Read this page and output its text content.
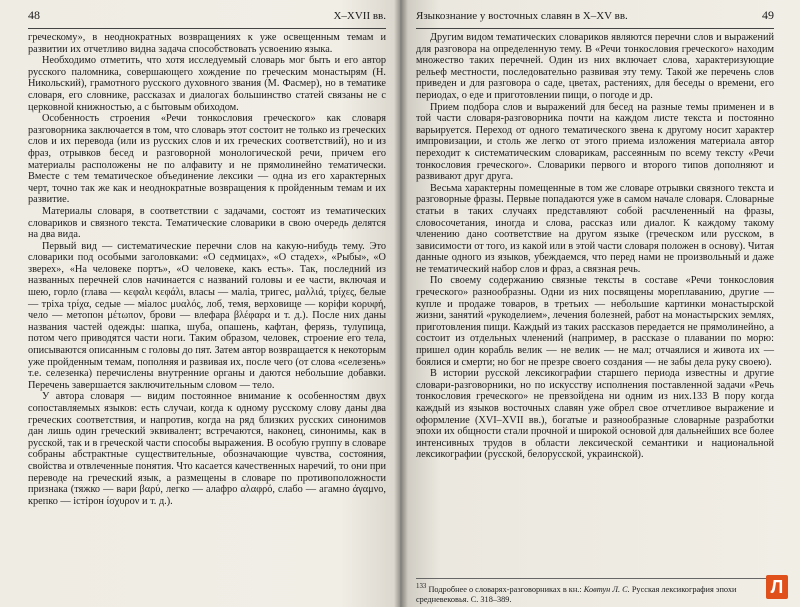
48	X–XVII вв.

греческому», в неоднократных возвращениях к уже освещенным темам и развитии их отчетливо видна задача способствовать усвоению языка.

Необходимо отметить, что хотя исследуемый словарь мог быть и его автор русского паломника, совершающего хождение по греческим монастырям (Н. Никольский), грамотного русского духовного звания (М. Фасмер), но в тематике словаря, его словнике, рассказах и диалогах большинство статей связаны не с церковной книжностью, а с бытовым обиходом.

Особенность строения «Речи тонкословия греческого» как словаря разговорника заключается в том, что словарь этот состоит не только из греческих слов и их перевода (или из русских слов и их греческих соответствий), но и из фраз, отрывков бесед и разговорной монологической речи, причем его материалы расположены не по алфавиту и не прямолинейно тематически. Вместе с тем тематическое объединение лексики — одна из его характерных черт, точно так же как и неоднократные возвращения к пройденным темам и их развитие.

Материалы словаря, в соответствии с задачами, состоят из тематических словариков и связного текста. Тематические словарики в свою очередь делятся на два вида.

Первый вид — систематические перечни слов на какую-нибудь тему. Это словарики под особыми заголовками: «О седмицах», «О стадех», «Рыбы», «О зверех», «На человеке портъ», «О человеке, какъ есть». Так, последний из названных перечней слов начинается с названий головы и ее части, включая и шею, горло (глава — κεφαλι κεφάλι, власы — малiа, тригес, μαλλιά, τρίχες, белые — трiха τρίχα, седые — мiалос μυαλός, лоб, темя, верховище — корiфи κορυφή, чело — метопон μέτωπον, брови — влефара βλέφαρα и т. д.). После них даны названия частей одежды: шапка, шуба, опашень, кафтан, ферязь, тулупица, потом чего приводятся части ноги. Таким образом, человек, строение его тела, описываются описанным с головы до пят. Затем автор возвращается к некоторым уже пройденным темам, пополняя и развивая их, после чего (от слова «селезень» т.е. селезенка) перечислены внутренние органы и даются небольшие добавки. Перечень завершается заключительным словом — тело.

У автора словаря — видим постоянное внимание к особенностям двух сопоставляемых языков: есть случаи, когда к одному русскому слову даны два греческих соответствия, и напротив, когда на ряд близких русских синонимов дан лишь один греческий эквивалент; встречаются, наконец, синонимы, как в русской, так и в греческой части способы выражения. В особую группу в словаре собраны абстрактные существительные, обозначающие чувства, состояния, свойства и отвлеченные понятия. Что касается качественных наречий, то они при переводе на греческий язык, а размещены в словаре по противоположности признака (тяжко — вари βαρύ, легко — алафро αλαφρό, слабо — агамно άγαμνο, крепко — iстiрон ίσχυρον и т. д.).

Языкознание у восточных славян в X–XV вв.	49

Другим видом тематических словариков являются перечни слов и выражений для разговора на определенную тему. В «Речи тонкословия греческого» находим множество таких перечней. Один из них включает слова, характеризующие рельеф местности, последовательно развивая эту тему. Такой же перечень слов приведен и для разговора о саде, цветах, растениях, для беседы о времени, его периодах, о еде и приготовлении пищи, о погоде и др.

Прием подбора слов и выражений для бесед на разные темы применен и в той части словаря-разговорника почти на каждом листе текста и постоянно варьируется. Переход от одного тематического звена к другому носит характер импровизации, и столь же легко от этого приема изложения материала автор переходит к систематическим словарикам, рассеянным по всему тексту «Речи тонкословия греческого». Словарики первого и второго типов дополняют и развивают друг друга.

Весьма характерны помещенные в том же словаре отрывки связного текста и разговорные фразы. Первые попадаются уже в самом начале словаря. Словарные статьи в таких случаях представляют собой расчлененный на фразы, словосочетания, иногда и слова, рассказ или диалог. К каждому такому членению дано соответствие на другом языке (греческом или русском, в зависимости от того, из какой или в этой части словаря положен в основу). Читая данные одного из языков, убеждаемся, что перед нами не произвольный и даже не тематический набор слов и фраз, а связная речь.

По своему содержанию связные тексты в составе «Речи тонкословия греческого» разнообразны. Одни из них посвящены мореплаванию, другие — купле и продаже товаров, в третьих — небольшие картинки монастырской жизни, занятий «рукоделием», лечения болезней, работ на монастырских землях, приготовления пищи. Каждый из таких рассказов передается не прямолинейно, а состоит из отдельных членений (например, в рассказе о плавании по морю: пришел один корабль велик — не велик — не мал; отчаялися и живота их — боялися и смерти; но бог не презре своего создания — не забы дела руку своею).

В истории русской лексикографии старшего периода известны и другие словари-разговорники, но по искусству исполнения поставленной задачи «Речь тонкословия греческого» не превзойдена ни одним из них.133 В пору когда каждый из языков восточных славян уже обрел свое отчетливое выражение и оформление (XVI–XVII вв.), богатые и разнообразные словарные разработки эпохи их общности стали прочной и широкой основой для дальнейших все более интенсивных трудов в области лексической семантики и национальной лексикографии (русской, белорусской, украинской).

$^{133}$ Подробнее о словарях-разговорниках в кн.: Ковтун Л. С. Русская лексикография эпохи средневековья. С. 318–389.
Л
